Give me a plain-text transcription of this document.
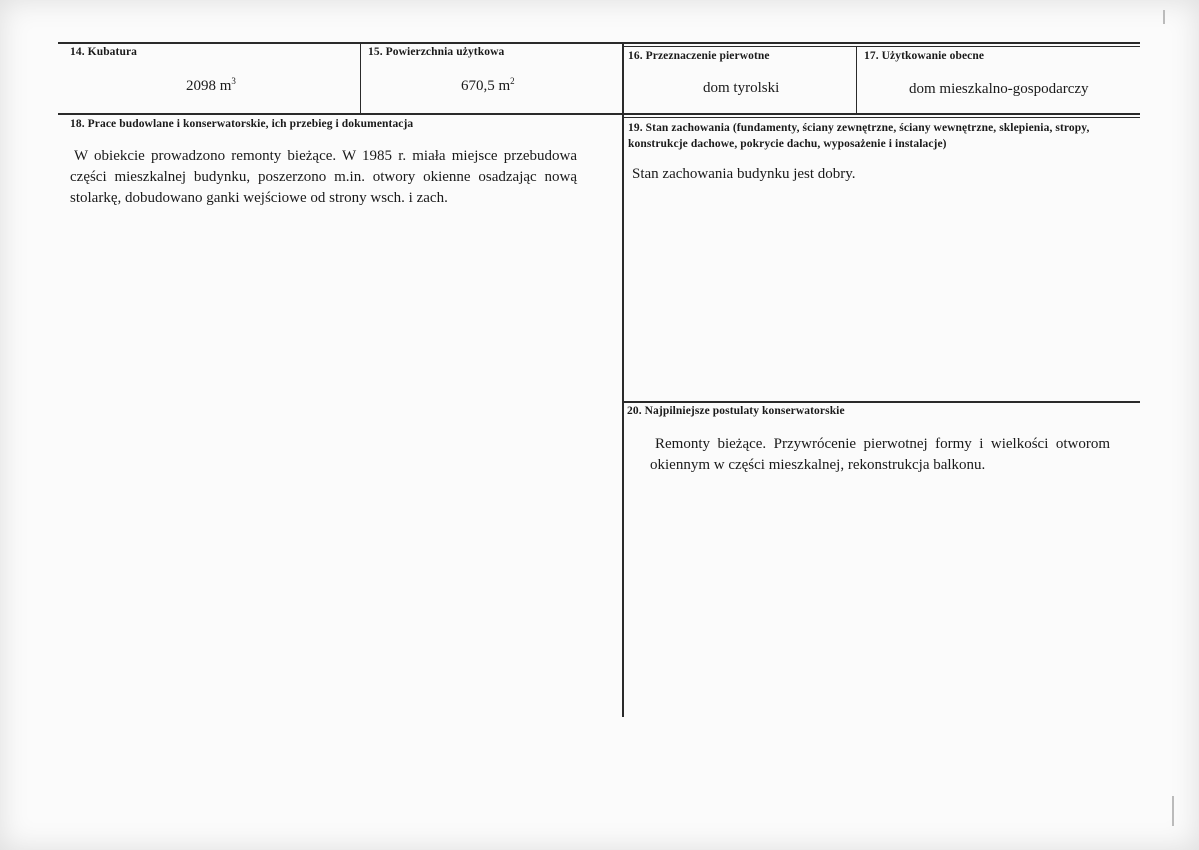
14. Kubatura
2098 $m^3$
15. Powierzchnia użytkowa
670,5 $m^2$
16. Przeznaczenie pierwotne
dom tyrolski
17. Użytkowanie obecne
dom mieszkalno-gospodarczy
18. Prace budowlane i konserwatorskie, ich przebieg i dokumentacja
W obiekcie prowadzono remonty bieżące. W 1985 r. miała miejsce przebudowa części mieszkalnej budynku, poszerzono m.in. otwory okienne osadzając nową stolarkę, dobudowano ganki wejściowe od strony wsch. i zach.
19. Stan zachowania (fundamenty, ściany zewnętrzne, ściany wewnętrzne, sklepienia, stropy, konstrukcje dachowe, pokrycie dachu, wyposażenie i instalacje)
Stan zachowania budynku jest dobry.
20. Najpilniejsze postulaty konserwatorskie
Remonty bieżące. Przywrócenie pierwotnej formy i wielkości otworom okiennym w części mieszkalnej, rekonstrukcja balkonu.
